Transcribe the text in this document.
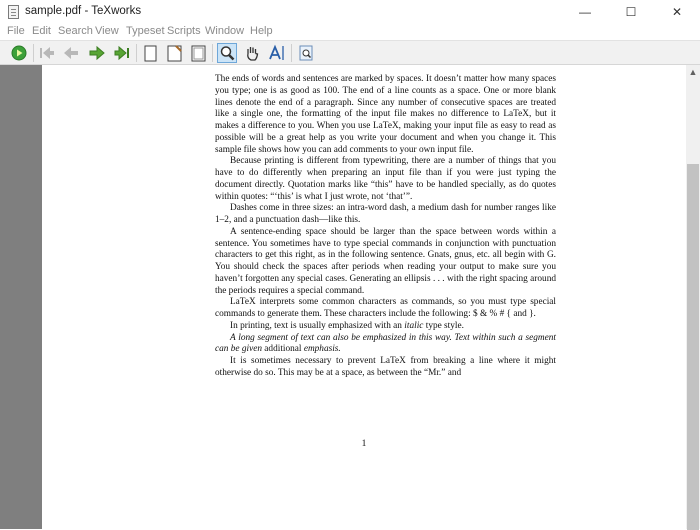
sample.pdf - TeXworks	—	☐	✕
File Edit Search View Typeset Scripts Window Help

The ends of words and sentences are marked by spaces. It doesn’t matter how many spaces you type; one is as good as 100. The end of a line counts as a space. One or more blank lines denote the end of a paragraph. Since any number of consecutive spaces are treated like a single one, the formatting of the input file makes no difference to LaTeX, but it makes a difference to you. When you use LaTeX, making your input file as easy to read as possible will be a great help as you write your document and when you change it. This sample file shows how you can add comments to your own input file.

Because printing is different from typewriting, there are a number of things that you have to do differently when preparing an input file than if you were just typing the document directly. Quotation marks like “this” have to be handled specially, as do quotes within quotes: “‘this’ is what I just wrote, not ‘that’”.

Dashes come in three sizes: an intra-word dash, a medium dash for number ranges like 1–2, and a punctuation dash—like this.

A sentence-ending space should be larger than the space between words within a sentence. You sometimes have to type special commands in conjunction with punctuation characters to get this right, as in the following sentence. Gnats, gnus, etc. all begin with G. You should check the spaces after periods when reading your output to make sure you haven’t forgotten any special cases. Generating an ellipsis . . . with the right spacing around the periods requires a special command.

LaTeX interprets some common characters as commands, so you must type special commands to generate them. These characters include the following: $ & % # { and }.

In printing, text is usually emphasized with an italic type style.

A long segment of text can also be emphasized in this way. Text within such a segment can be given additional emphasis.

It is sometimes necessary to prevent LaTeX from breaking a line where it might otherwise do so. This may be at a space, as between the “Mr.” and

1
▲
